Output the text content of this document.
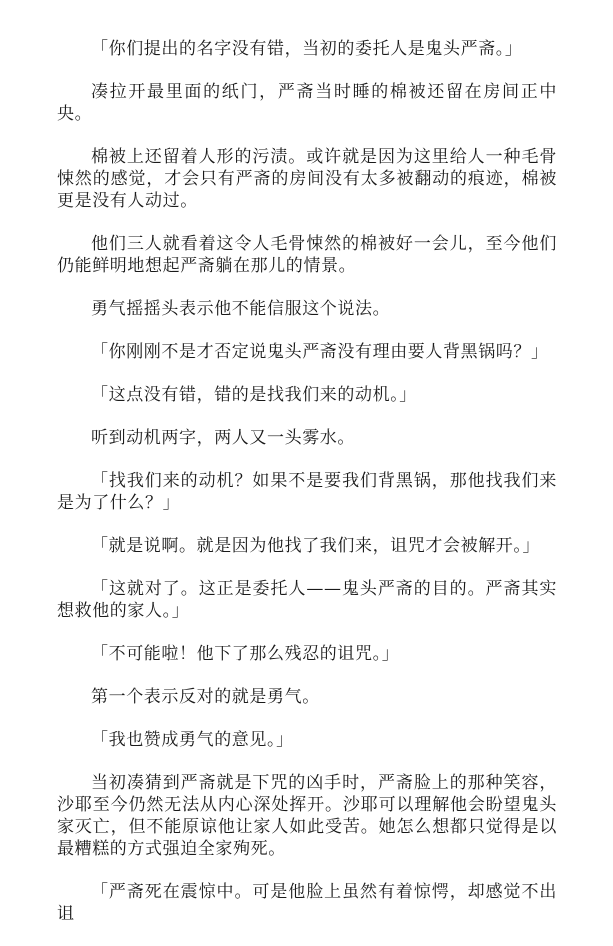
「你们提出的名字没有错，当初的委托人是鬼头严斋。」

凑拉开最里面的纸门，严斋当时睡的棉被还留在房间正中央。

棉被上还留着人形的污渍。或许就是因为这里给人一种毛骨悚然的感觉，才会只有严斋的房间没有太多被翻动的痕迹，棉被更是没有人动过。

他们三人就看着这令人毛骨悚然的棉被好一会儿，至今他们仍能鲜明地想起严斋躺在那儿的情景。

勇气摇摇头表示他不能信服这个说法。

「你刚刚不是才否定说鬼头严斋没有理由要人背黑锅吗？」

「这点没有错，错的是找我们来的动机。」

听到动机两字，两人又一头雾水。

「找我们来的动机？如果不是要我们背黑锅，那他找我们来是为了什么？」

「就是说啊。就是因为他找了我们来，诅咒才会被解开。」

「这就对了。这正是委托人——鬼头严斋的目的。严斋其实想救他的家人。」

「不可能啦！他下了那么残忍的诅咒。」

第一个表示反对的就是勇气。

「我也赞成勇气的意见。」

当初凑猜到严斋就是下咒的凶手时，严斋脸上的那种笑容，沙耶至今仍然无法从内心深处挥开。沙耶可以理解他会盼望鬼头家灭亡，但不能原谅他让家人如此受苦。她怎么想都只觉得是以最糟糕的方式强迫全家殉死。

「严斋死在震惊中。可是他脸上虽然有着惊愕，却感觉不出诅
